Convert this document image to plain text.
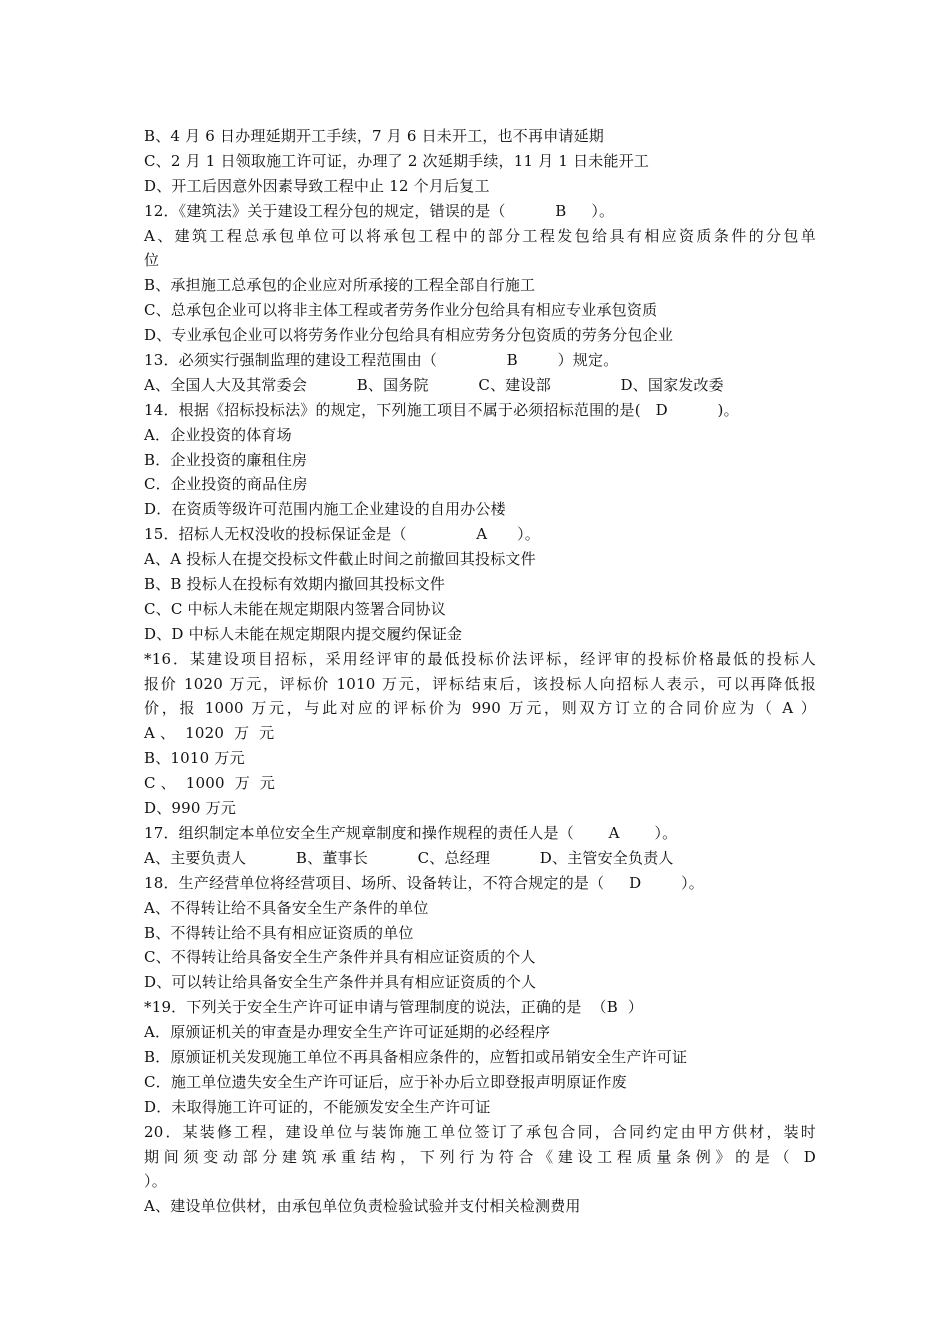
B、4 月 6 日办理延期开工手续，7 月 6 日未开工，也不再申请延期
C、2 月 1 日领取施工许可证，办理了 2 次延期手续，11 月 1 日未能开工
D、开工后因意外因素导致工程中止 12 个月后复工
12．《建筑法》关于建设工程分包的规定，错误的是（          B     ）。
A、建筑工程总承包单位可以将承包工程中的部分工程发包给具有相应资质条件的分包单
位
B、承担施工总承包的企业应对所承接的工程全部自行施工
C、总承包企业可以将非主体工程或者劳务作业分包给具有相应专业承包资质
D、专业承包企业可以将劳务作业分包给具有相应劳务分包资质的劳务分包企业
13．必须实行强制监理的建设工程范围由（              B        ）规定。
A、全国人大及其常委会          B、国务院          C、建设部              D、国家发改委
14．根据《招标投标法》的规定，下列施工项目不属于必须招标范围的是(   D          )。
A．企业投资的体育场
B．企业投资的廉租住房
C．企业投资的商品住房
D．在资质等级许可范围内施工企业建设的自用办公楼
15．招标人无权没收的投标保证金是（              A      ）。
A、A 投标人在提交投标文件截止时间之前撤回其投标文件
B、B 投标人在投标有效期内撤回其投标文件
C、C 中标人未能在规定期限内签署合同协议
D、D 中标人未能在规定期限内提交履约保证金
*16．某建设项目招标，采用经评审的最低投标价法评标，经评审的投标价格最低的投标人
报价 1020 万元，评标价 1010 万元，评标结束后，该投标人向招标人表示，可以再降低报
价，报 1000 万元，与此对应的评标价为 990 万元，则双方订立的合同价应为（ A ）
A 、  1020  万  元
B、1010 万元
C 、  1000  万  元
D、990 万元
17．组织制定本单位安全生产规章制度和操作规程的责任人是（       A       ）。
A、主要负责人          B、董事长          C、总经理          D、主管安全负责人
18．生产经营单位将经营项目、场所、设备转让，不符合规定的是（     D        ）。
A、不得转让给不具备安全生产条件的单位
B、不得转让给不具有相应证资质的单位
C、不得转让给具备安全生产条件并具有相应证资质的个人
D、可以转让给具备安全生产条件并具有相应证资质的个人
*19．下列关于安全生产许可证申请与管理制度的说法，正确的是  （B  ）
A．原颁证机关的审查是办理安全生产许可证延期的必经程序
B．原颁证机关发现施工单位不再具备相应条件的，应暂扣或吊销安全生产许可证
C．施工单位遗失安全生产许可证后，应于补办后立即登报声明原证作废
D．未取得施工许可证的，不能颁发安全生产许可证
20．某装修工程，建设单位与装饰施工单位签订了承包合同，合同约定由甲方供材，装时
期间须变动部分建筑承重结构，下列行为符合《建设工程质量条例》的是（ D
）。
A、建设单位供材，由承包单位负责检验试验并支付相关检测费用
